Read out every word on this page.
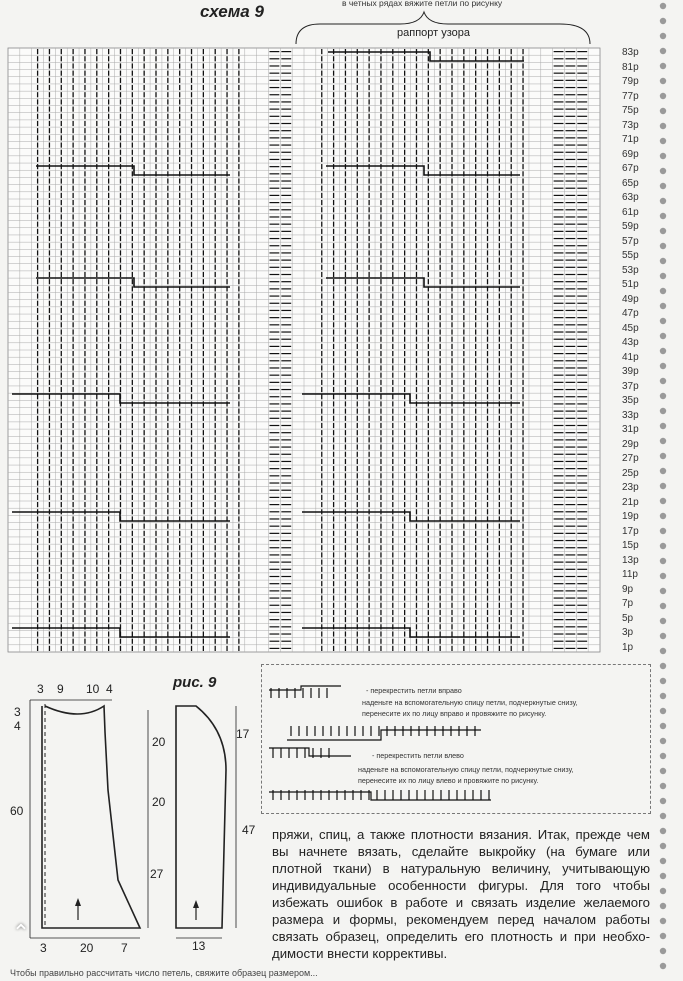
в четных рядах вяжите петли по рисунку
схема 9
раппорт узора
83p
81p
79p
77p
75p
73p
71p
69p
67p
65p
63p
61p
59p
57p
55p
53p
51p
49p
47p
45p
43p
41p
39p
37p
35p
33p
31p
29p
27p
25p
23p
21p
19p
17p
15p
13p
11p
9p
7p
5p
3p
1p
рис. 9
3 9 10 4
3
4
60
20
20
27
3	20 7
17
47
13
- перекрестить петли вправо
наденьте на вспомогательную спицу петли, подчеркнутые снизу,
перенесите их по лицу вправо и провяжите по рисунку.
- перекрестить петли влево
наденьте на вспомогательную спицу петли, подчеркнутые снизу,
перенесите их по лицу влево и провяжите по рисунку.

пряжи, спиц, а также плотности вязания. Итак, прежде чем вы начнете вязать, сделайте выкройку (на бумаге или плотной ткани) в натуральную величину, учитывающую индивидуальные особенности фигуры. Для того чтобы избежать ошибок в работе и связать изделие желаемого размера и формы, рекомендуем перед началом работы связать образец, определить его плотность и при необхо-димости внести коррективы.

Чтобы правильно рассчитать число петель, свяжите образец размером...
⌃
